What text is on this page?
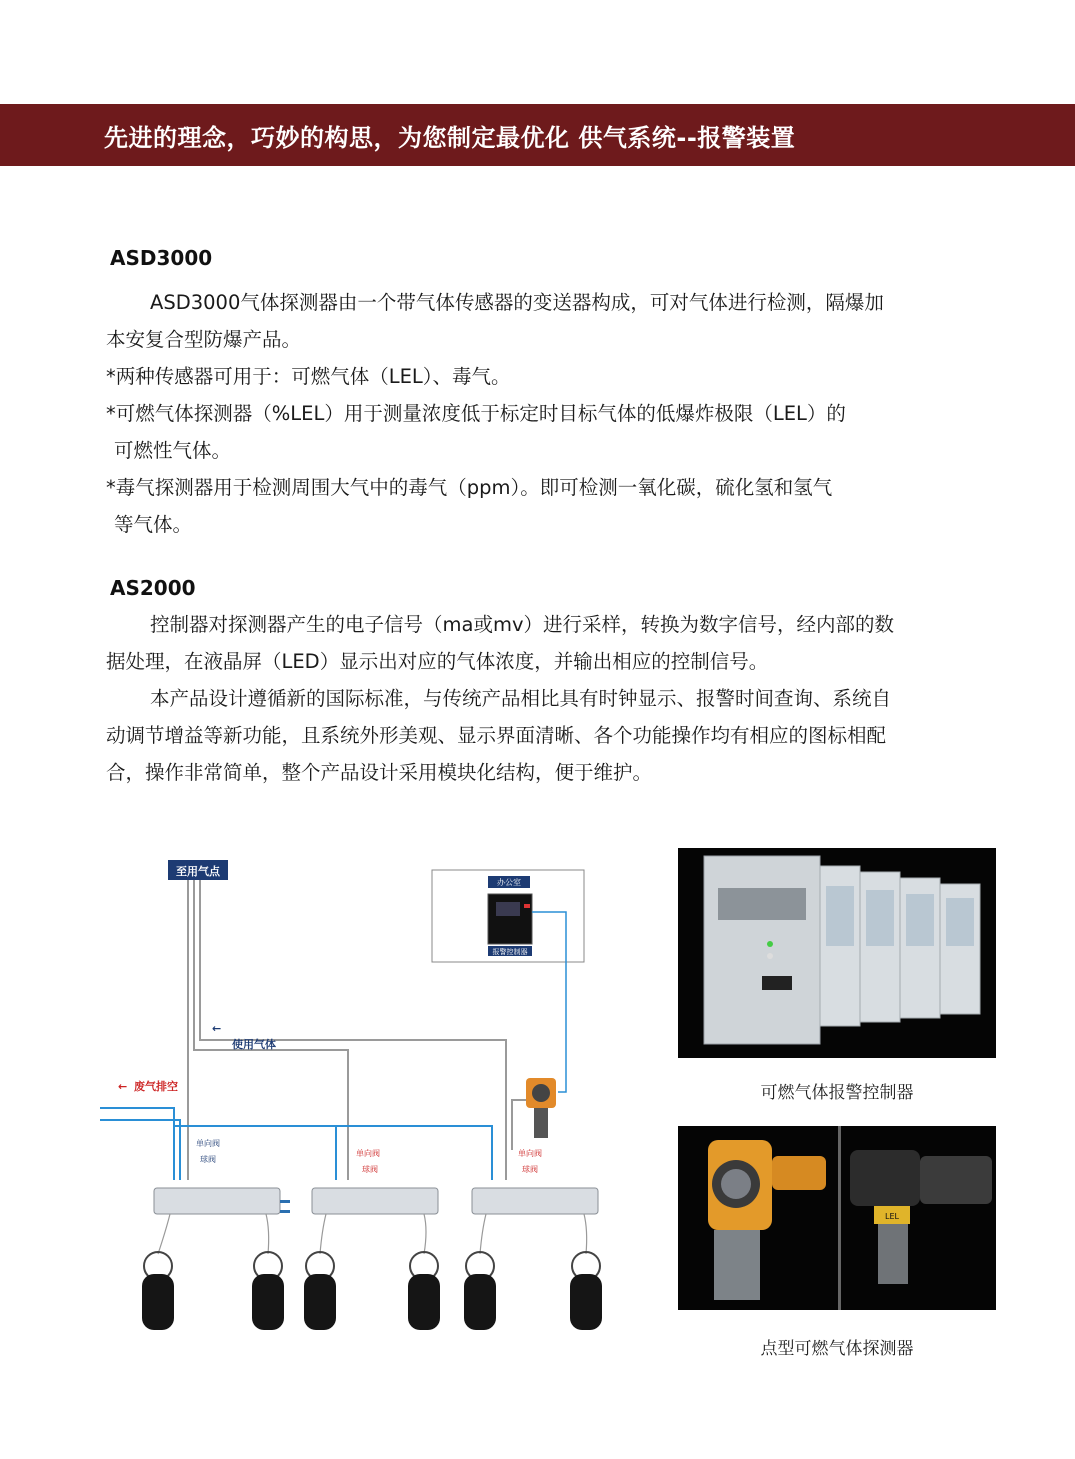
先进的理念，巧妙的构思，为您制定最优化 供气系统--报警装置
ASD3000

ASD3000气体探测器由一个带气体传感器的变送器构成，可对气体进行检测，隔爆加

本安复合型防爆产品。

*两种传感器可用于：可燃气体（LEL）、毒气。

*可燃气体探测器（%LEL）用于测量浓度低于标定时目标气体的低爆炸极限（LEL）的

可燃性气体。

*毒气探测器用于检测周围大气中的毒气（ppm）。即可检测一氧化碳，硫化氢和氢气

等气体。

AS2000

控制器对探测器产生的电子信号（ma或mv）进行采样，转换为数字信号，经内部的数

据处理，在液晶屏（LED）显示出对应的气体浓度，并输出相应的控制信号。

本产品设计遵循新的国际标准，与传统产品相比具有时钟显示、报警时间查询、系统自

动调节增益等新功能，且系统外形美观、显示界面清晰、各个功能操作均有相应的图标相配

合，操作非常简单，整个产品设计采用模块化结构，便于维护。

至用气点
办公室
报警控制器
←
使用气体
← 废气排空
单向阀
球阀
单向阀
球阀
单向阀
球阀
可燃气体报警控制器
LEL
点型可燃气体探测器
